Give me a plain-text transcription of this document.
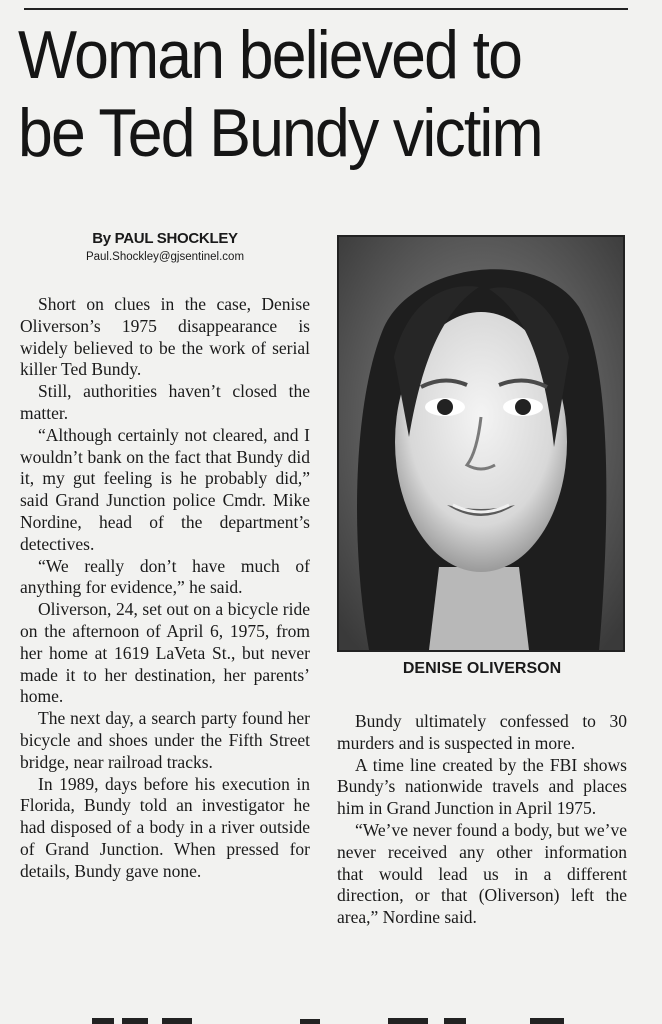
Woman believed to
be Ted Bundy victim
By PAUL SHOCKLEY
Paul.Shockley@gjsentinel.com

Short on clues in the case, Denise Oliverson’s 1975 disappearance is widely believed to be the work of serial killer Ted Bundy.

Still, authorities haven’t closed the matter.

“Although certainly not cleared, and I wouldn’t bank on the fact that Bundy did it, my gut feeling is he probably did,” said Grand Junction police Cmdr. Mike Nordine, head of the department’s detectives.

“We really don’t have much of anything for evidence,” he said.

Oliverson, 24, set out on a bicycle ride on the afternoon of April 6, 1975, from her home at 1619 LaVeta St., but never made it to her destination, her parents’ home.

The next day, a search party found her bicycle and shoes under the Fifth Street bridge, near railroad tracks.

In 1989, days before his execution in Florida, Bundy told an investigator he had disposed of a body in a river outside of Grand Junction. When pressed for details, Bundy gave none.

DENISE OLIVERSON

Bundy ultimately confessed to 30 murders and is suspected in more.

A time line created by the FBI shows Bundy’s nationwide travels and places him in Grand Junction in April 1975.

“We’ve never found a body, but we’ve never received any other information that would lead us in a different direction, or that (Oliverson) left the area,” Nordine said.
